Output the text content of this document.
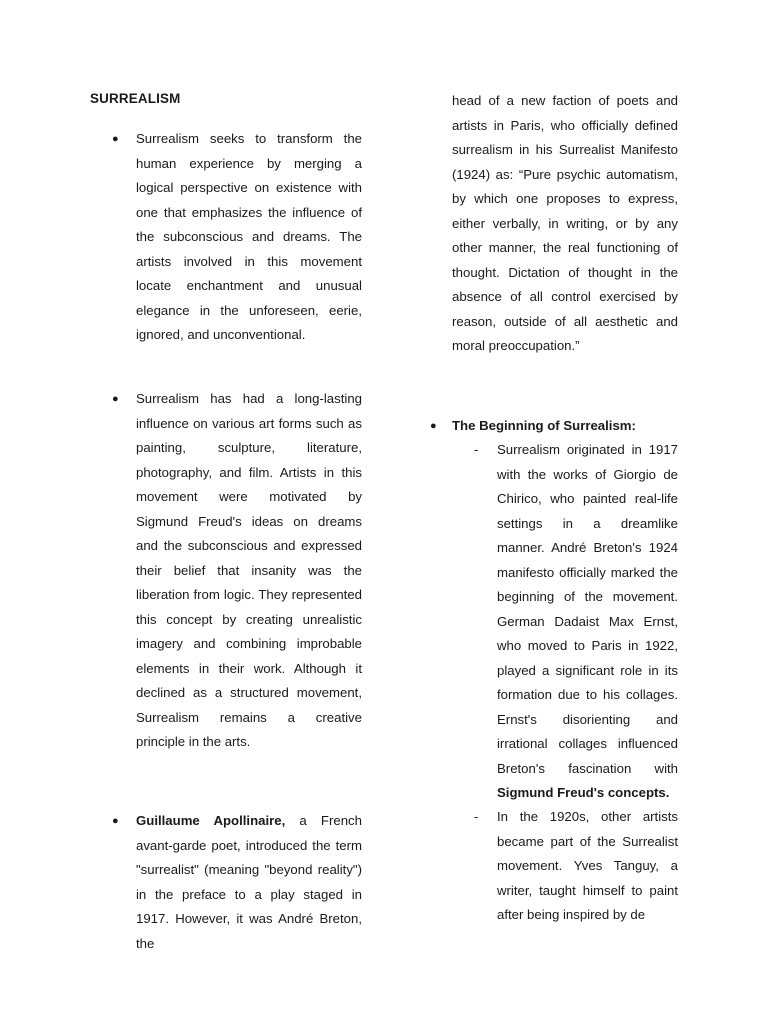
SURREALISM
● Surrealism seeks to transform the human experience by merging a logical perspective on existence with one that emphasizes the influence of the subconscious and dreams. The artists involved in this movement locate enchantment and unusual elegance in the unforeseen, eerie, ignored, and unconventional.
● Surrealism has had a long-lasting influence on various art forms such as painting, sculpture, literature, photography, and film. Artists in this movement were motivated by Sigmund Freud's ideas on dreams and the subconscious and expressed their belief that insanity was the liberation from logic. They represented this concept by creating unrealistic imagery and combining improbable elements in their work. Although it declined as a structured movement, Surrealism remains a creative principle in the arts.
● Guillaume Apollinaire, a French avant-garde poet, introduced the term "surrealist" (meaning "beyond reality") in the preface to a play staged in 1917. However, it was André Breton, the
head of a new faction of poets and artists in Paris, who officially defined surrealism in his Surrealist Manifesto (1924) as: “Pure psychic automatism, by which one proposes to express, either verbally, in writing, or by any other manner, the real functioning of thought. Dictation of thought in the absence of all control exercised by reason, outside of all aesthetic and moral preoccupation.”
● The Beginning of Surrealism:
- Surrealism originated in 1917 with the works of Giorgio de Chirico, who painted real-life settings in a dreamlike manner. André Breton's 1924 manifesto officially marked the beginning of the movement. German Dadaist Max Ernst, who moved to Paris in 1922, played a significant role in its formation due to his collages. Ernst's disorienting and irrational collages influenced Breton's fascination with Sigmund Freud's concepts.
- In the 1920s, other artists became part of the Surrealist movement. Yves Tanguy, a writer, taught himself to paint after being inspired by de
